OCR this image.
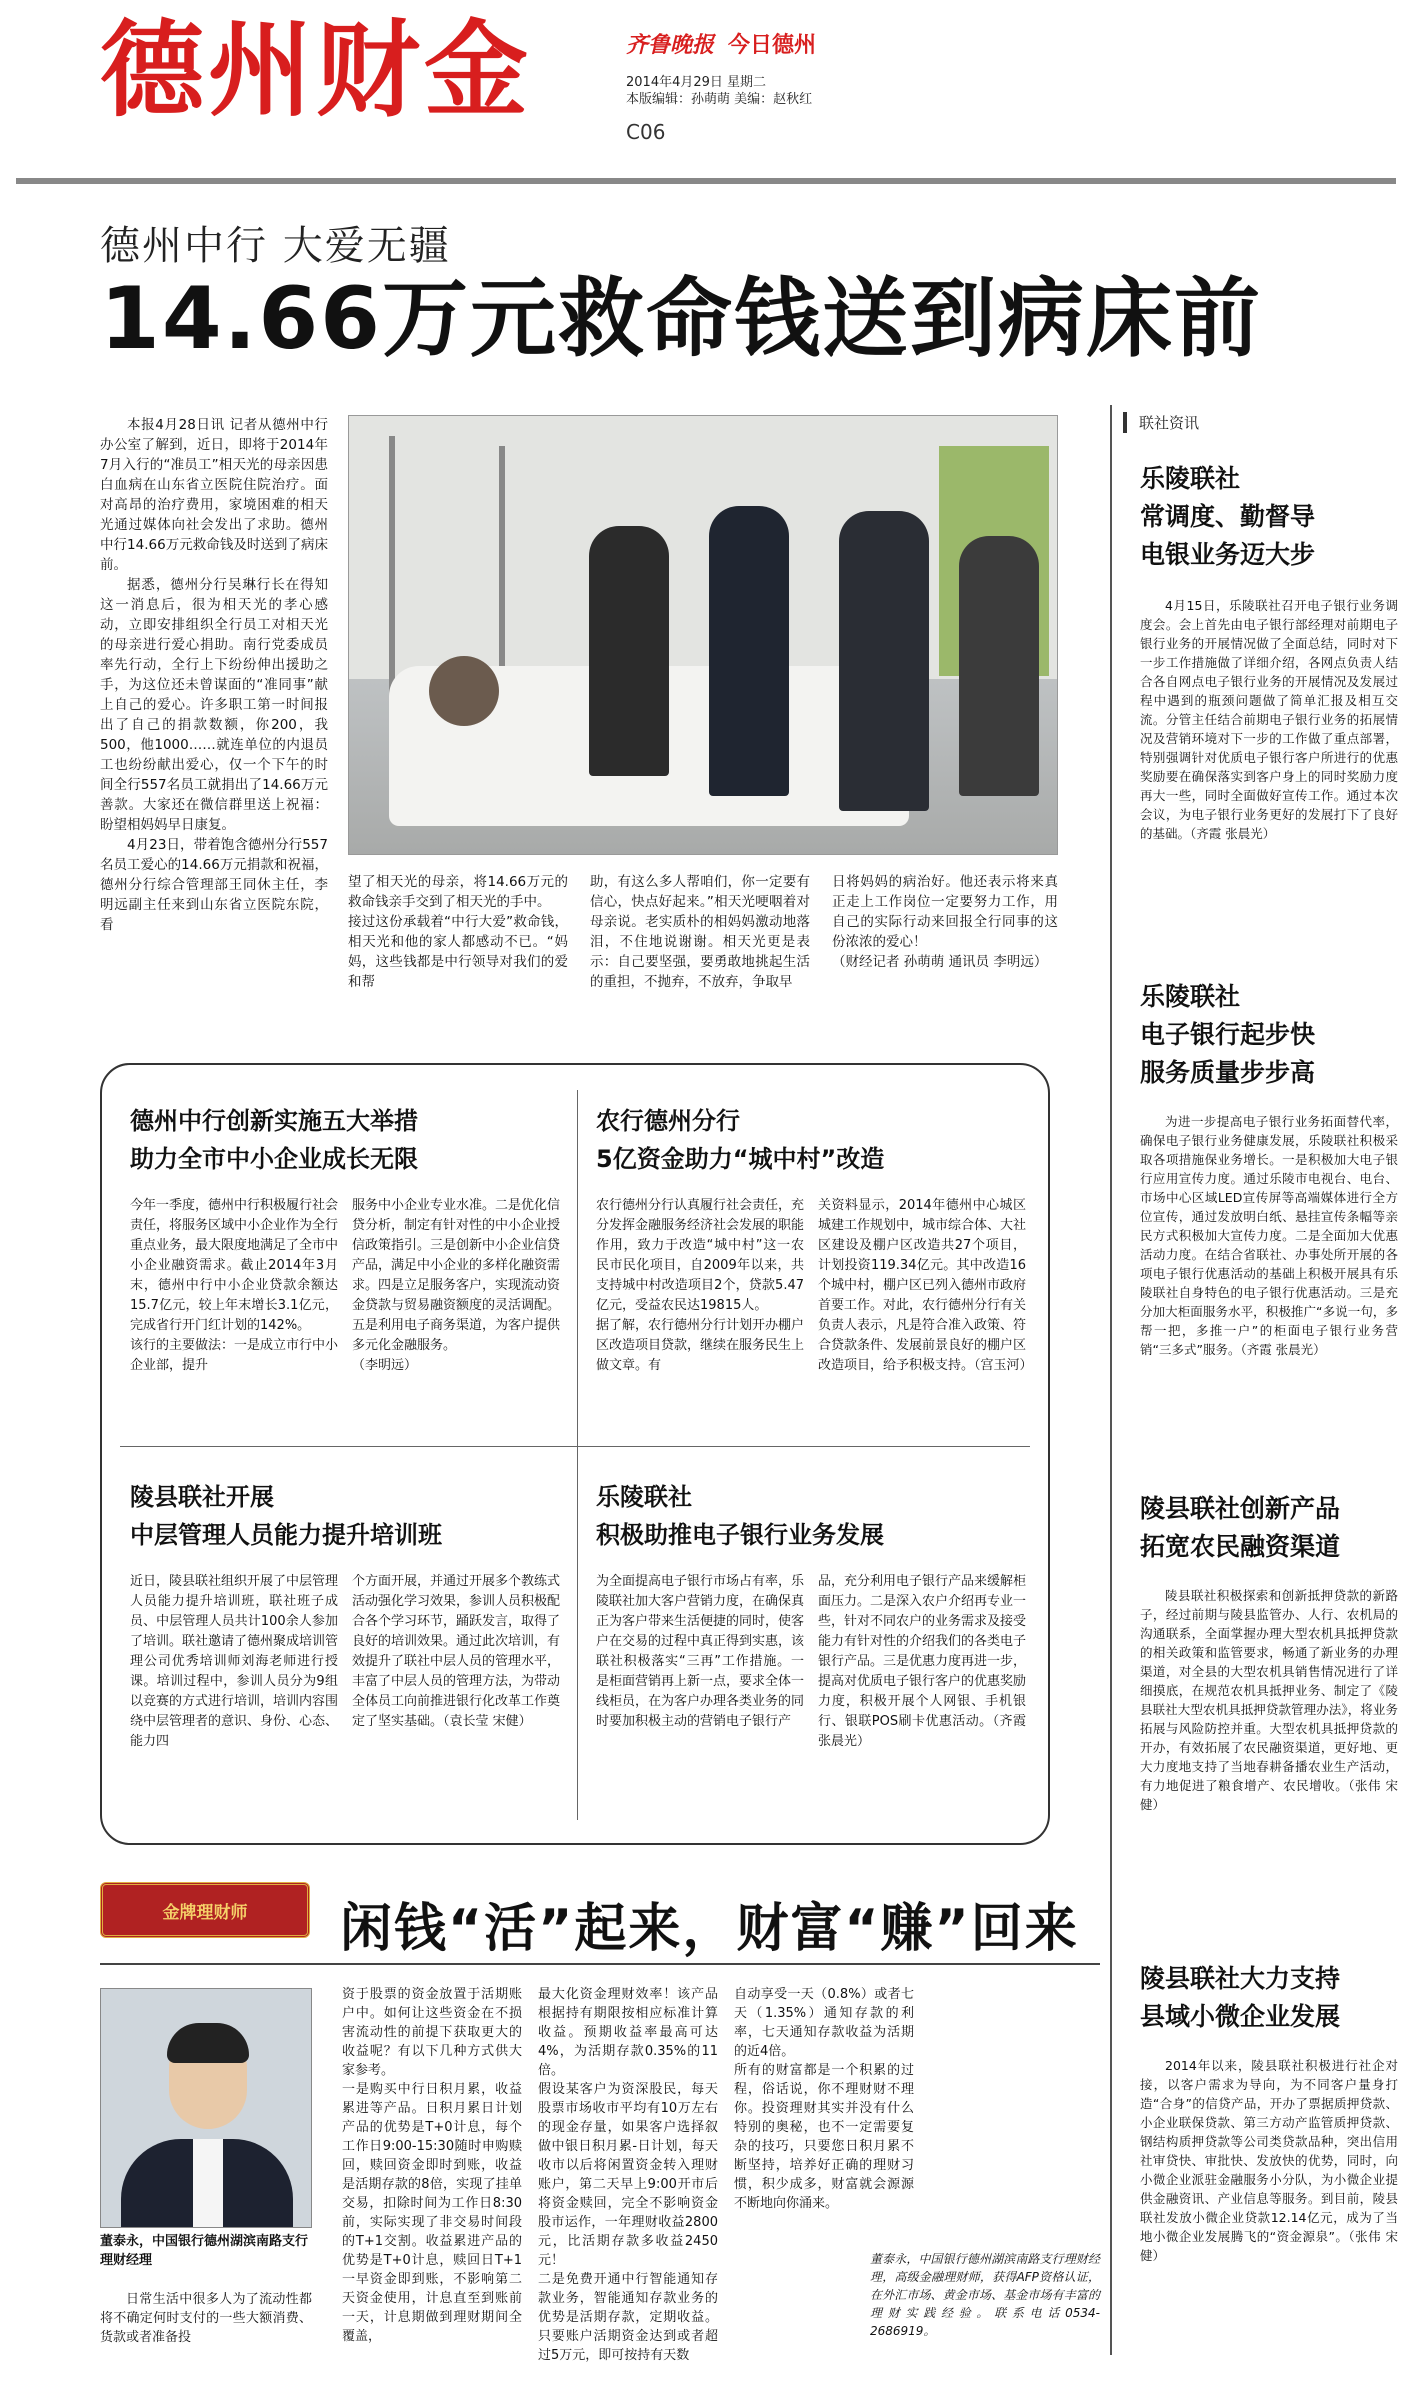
德州财金	齐鲁晚报 今日德州
2014年4月29日 星期二
本版编辑：孙萌萌 美编：赵秋红
C06
德州中行 大爱无疆
14.66万元救命钱送到病床前

本报4月28日讯 记者从德州中行办公室了解到，近日，即将于2014年7月入行的“准员工”相天光的母亲因患白血病在山东省立医院住院治疗。面对高昂的治疗费用，家境困难的相天光通过媒体向社会发出了求助。德州中行14.66万元救命钱及时送到了病床前。

据悉，德州分行吴琳行长在得知这一消息后，很为相天光的孝心感动，立即安排组织全行员工对相天光的母亲进行爱心捐助。南行党委成员率先行动，全行上下纷纷伸出援助之手，为这位还未曾谋面的“准同事”献上自己的爱心。许多职工第一时间报出了自己的捐款数额，你200，我500，他1000……就连单位的内退员工也纷纷献出爱心，仅一个下午的时间全行557名员工就捐出了14.66万元善款。大家还在微信群里送上祝福：盼望相妈妈早日康复。

4月23日，带着饱含德州分行557名员工爱心的14.66万元捐款和祝福，德州分行综合管理部王同休主任，李明远副主任来到山东省立医院东院，看

望了相天光的母亲，将14.66万元的救命钱亲手交到了相天光的手中。
接过这份承载着“中行大爱”救命钱，相天光和他的家人都感动不已。“妈妈，这些钱都是中行领导对我们的爱和帮
助，有这么多人帮咱们，你一定要有信心，快点好起来。”相天光哽咽着对母亲说。老实质朴的相妈妈激动地落泪，不住地说谢谢。相天光更是表示：自己要坚强，要勇敢地挑起生活的重担，不抛弃，不放弃，争取早
日将妈妈的病治好。他还表示将来真正走上工作岗位一定要努力工作，用自己的实际行动来回报全行同事的这份浓浓的爱心！
（财经记者 孙萌萌 通讯员 李明远）
联社资讯
乐陵联社
常调度、勤督导
电银业务迈大步

4月15日，乐陵联社召开电子银行业务调度会。会上首先由电子银行部经理对前期电子银行业务的开展情况做了全面总结，同时对下一步工作措施做了详细介绍，各网点负责人结合各自网点电子银行业务的开展情况及发展过程中遇到的瓶颈问题做了简单汇报及相互交流。分管主任结合前期电子银行业务的拓展情况及营销环境对下一步的工作做了重点部署，特别强调针对优质电子银行客户所进行的优惠奖励要在确保落实到客户身上的同时奖励力度再大一些，同时全面做好宣传工作。通过本次会议，为电子银行业务更好的发展打下了良好的基础。（齐霞 张晨光）

乐陵联社
电子银行起步快
服务质量步步高

为进一步提高电子银行业务拓面替代率，确保电子银行业务健康发展，乐陵联社积极采取各项措施保业务增长。一是积极加大电子银行应用宣传力度。通过乐陵市电视台、电台、市场中心区域LED宣传屏等高端媒体进行全方位宣传，通过发放明白纸、悬挂宣传条幅等亲民方式积极加大宣传力度。二是全面加大优惠活动力度。在结合省联社、办事处所开展的各项电子银行优惠活动的基础上积极开展具有乐陵联社自身特色的电子银行优惠活动。三是充分加大柜面服务水平，积极推广“多说一句，多帮一把，多推一户”的柜面电子银行业务营销“三多式”服务。（齐霞 张晨光）

陵县联社创新产品
拓宽农民融资渠道

陵县联社积极探索和创新抵押贷款的新路子，经过前期与陵县监管办、人行、农机局的沟通联系，全面掌握办理大型农机具抵押贷款的相关政策和监管要求，畅通了新业务的办理渠道，对全县的大型农机具销售情况进行了详细摸底，在规范农机具抵押业务、制定了《陵县联社大型农机具抵押贷款管理办法》，将业务拓展与风险防控并重。大型农机具抵押贷款的开办，有效拓展了农民融资渠道，更好地、更大力度地支持了当地春耕备播农业生产活动，有力地促进了粮食增产、农民增收。（张伟 宋健）

陵县联社大力支持
县域小微企业发展

2014年以来，陵县联社积极进行社企对接，以客户需求为导向，为不同客户量身打造“合身”的信贷产品，开办了票据质押贷款、小企业联保贷款、第三方动产监管质押贷款、钢结构质押贷款等公司类贷款品种，突出信用社审贷快、审批快、发放快的优势，同时，向小微企业派驻金融服务小分队，为小微企业提供金融资讯、产业信息等服务。到目前，陵县联社发放小微企业贷款12.14亿元，成为了当地小微企业发展腾飞的“资金源泉”。（张伟 宋健）

德州中行创新实施五大举措
助力全市中小企业成长无限
今年一季度，德州中行积极履行社会责任，将服务区域中小企业作为全行重点业务，最大限度地满足了全市中小企业融资需求。截止2014年3月末，德州中行中小企业贷款余额达15.7亿元，较上年末增长3.1亿元，完成省行开门红计划的142%。
该行的主要做法：一是成立市行中小企业部，提升
服务中小企业专业水准。二是优化信贷分析，制定有针对性的中小企业授信政策指引。三是创新中小企业信贷产品，满足中小企业的多样化融资需求。四是立足服务客户，实现流动资金贷款与贸易融资额度的灵活调配。五是利用电子商务渠道，为客户提供多元化金融服务。
（李明远）
农行德州分行
5亿资金助力“城中村”改造
农行德州分行认真履行社会责任，充分发挥金融服务经济社会发展的职能作用，致力于改造“城中村”这一农民市民化项目，自2009年以来，共支持城中村改造项目2个，贷款5.47亿元，受益农民达19815人。
据了解，农行德州分行计划开办棚户区改造项目贷款，继续在服务民生上做文章。有
关资料显示，2014年德州中心城区城建工作规划中，城市综合体、大社区建设及棚户区改造共27个项目，计划投资119.34亿元。其中改造16个城中村，棚户区已列入德州市政府首要工作。对此，农行德州分行有关负责人表示，凡是符合准入政策、符合贷款条件、发展前景良好的棚户区改造项目，给予积极支持。（宫玉河）
陵县联社开展
中层管理人员能力提升培训班
近日，陵县联社组织开展了中层管理人员能力提升培训班，联社班子成员、中层管理人员共计100余人参加了培训。联社邀请了德州聚成培训管理公司优秀培训师刘海老师进行授课。培训过程中，参训人员分为9组以竞赛的方式进行培训，培训内容围绕中层管理者的意识、身份、心态、能力四
个方面开展，并通过开展多个教练式活动强化学习效果，参训人员积极配合各个学习环节，踊跃发言，取得了良好的培训效果。通过此次培训，有效提升了联社中层人员的管理水平，丰富了中层人员的管理方法，为带动全体员工向前推进银行化改革工作奠定了坚实基础。（袁长莹 宋健）
乐陵联社
积极助推电子银行业务发展
为全面提高电子银行市场占有率，乐陵联社加大客户营销力度，在确保真正为客户带来生活便捷的同时，使客户在交易的过程中真正得到实惠，该联社积极落实“三再”工作措施。一是柜面营销再上新一点，要求全体一线柜员，在为客户办理各类业务的同时要加积极主动的营销电子银行产
品，充分利用电子银行产品来缓解柜面压力。二是深入农户介绍再专业一些，针对不同农户的业务需求及接受能力有针对性的介绍我们的各类电子银行产品。三是优惠力度再进一步，提高对优质电子银行客户的优惠奖励力度，积极开展个人网银、手机银行、银联POS刷卡优惠活动。（齐霞 张晨光）
金牌理财师	闲钱“活”起来，财富“赚”回来
董泰永，中国银行德州湖滨南路支行理财经理

日常生活中很多人为了流动性都将不确定何时支付的一些大额消费、货款或者准备投

资于股票的资金放置于活期账户中。如何让这些资金在不损害流动性的前提下获取更大的收益呢？有以下几种方式供大家参考。
一是购买中行日积月累，收益累进等产品。日积月累日计划产品的优势是T+0计息，每个工作日9:00-15:30随时申购赎回，赎回资金即时到账，收益是活期存款的8倍，实现了挂单交易，扣除时间为工作日8:30前，实际实现了非交易时间段的T+1交割。收益累进产品的优势是T+0计息，赎回日T+1一早资金即到账，不影响第二天资金使用，计息直至到账前一天，计息期做到理财期间全覆盖，
最大化资金理财效率！该产品根据持有期限按相应标准计算收益。预期收益率最高可达4%，为活期存款0.35%的11倍。
假设某客户为资深股民，每天股票市场收市平均有10万左右的现金存量，如果客户选择叙做中银日积月累-日计划，每天收市以后将闲置资金转入理财账户，第二天早上9:00开市后将资金赎回，完全不影响资金股市运作，一年理财收益2800元，比活期存款多收益2450元！
二是免费开通中行智能通知存款业务，智能通知存款业务的优势是活期存款，定期收益。只要账户活期资金达到或者超过5万元，即可按持有天数
自动享受一天（0.8%）或者七天（1.35%）通知存款的利率，七天通知存款收益为活期的近4倍。
所有的财富都是一个积累的过程，俗话说，你不理财财不理你。投资理财其实并没有什么特别的奥秘，也不一定需要复杂的技巧，只要您日积月累不断坚持，培养好正确的理财习惯，积少成多，财富就会源源不断地向你涌来。
董泰永，中国银行德州湖滨南路支行理财经理，高级金融理财师，获得AFP资格认证，在外汇市场、黄金市场、基金市场有丰富的理财实践经验。联系电话0534-2686919。
